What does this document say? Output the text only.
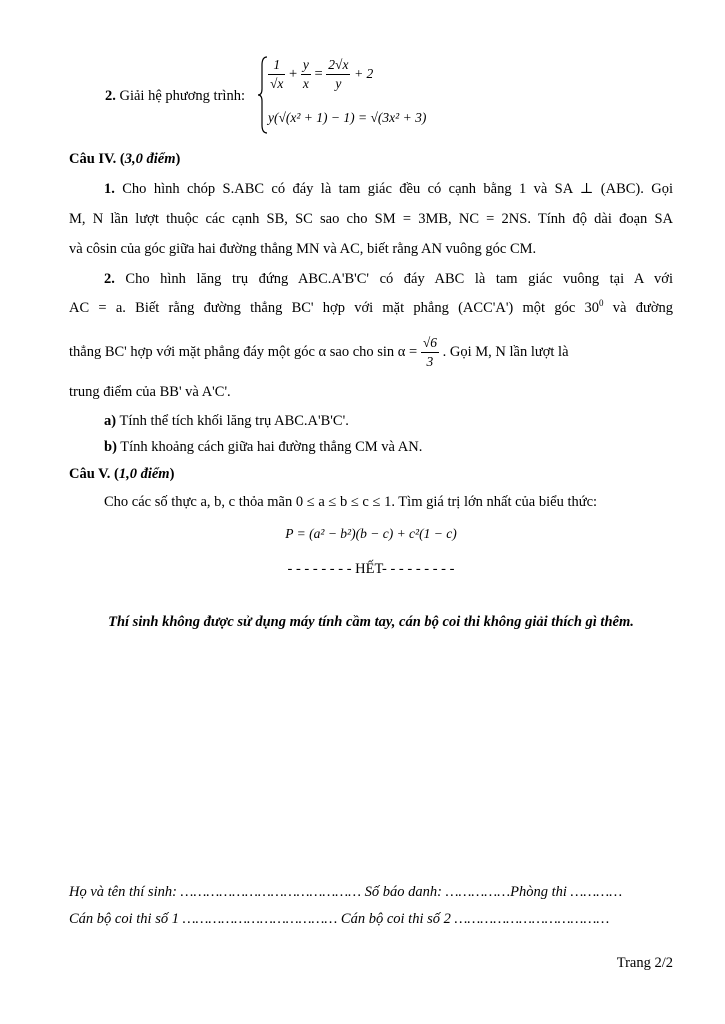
2. Giải hệ phương trình:
$\frac{1}{√x} + \frac{y}{x} = \frac{2√x}{y} + 2$
y(√(x² + 1) − 1) = √(3x² + 3)
Câu IV. (3,0 điểm)
1. Cho hình chóp S.ABC có đáy là tam giác đều có cạnh bằng 1 và SA ⊥ (ABC). Gọi
M, N lần lượt thuộc các cạnh SB, SC sao cho SM = 3MB, NC = 2NS. Tính độ dài đoạn SA
và côsin của góc giữa hai đường thẳng MN và AC, biết rằng AN vuông góc CM.
2. Cho hình lăng trụ đứng ABC.A'B'C' có đáy ABC là tam giác vuông tại A với
AC = a. Biết rằng đường thẳng BC' hợp với mặt phẳng (ACC'A') một góc $30^0$ và đường
thẳng BC' hợp với mặt phẳng đáy một góc α sao cho $\sin \alpha = \frac{√6}{3}$ . Gọi M, N lần lượt là
trung điểm của BB' và A'C'.
a) Tính thể tích khối lăng trụ ABC.A'B'C'.
b) Tính khoảng cách giữa hai đường thẳng CM và AN.
Câu V. (1,0 điểm)
Cho các số thực a, b, c thỏa mãn 0 ≤ a ≤ b ≤ c ≤ 1. Tìm giá trị lớn nhất của biểu thức:
P = (a² − b²)(b − c) + c²(1 − c)
- - - - - - - - HẾT- - - - - - - - -
Thí sinh không được sử dụng máy tính cầm tay, cán bộ coi thi không giải thích gì thêm.
Họ và tên thí sinh: …………………………………… Số báo danh: ……………Phòng thi …………
Cán bộ coi thi số 1 ……………………………… Cán bộ coi thi số 2 ………………………………
Trang 2/2
